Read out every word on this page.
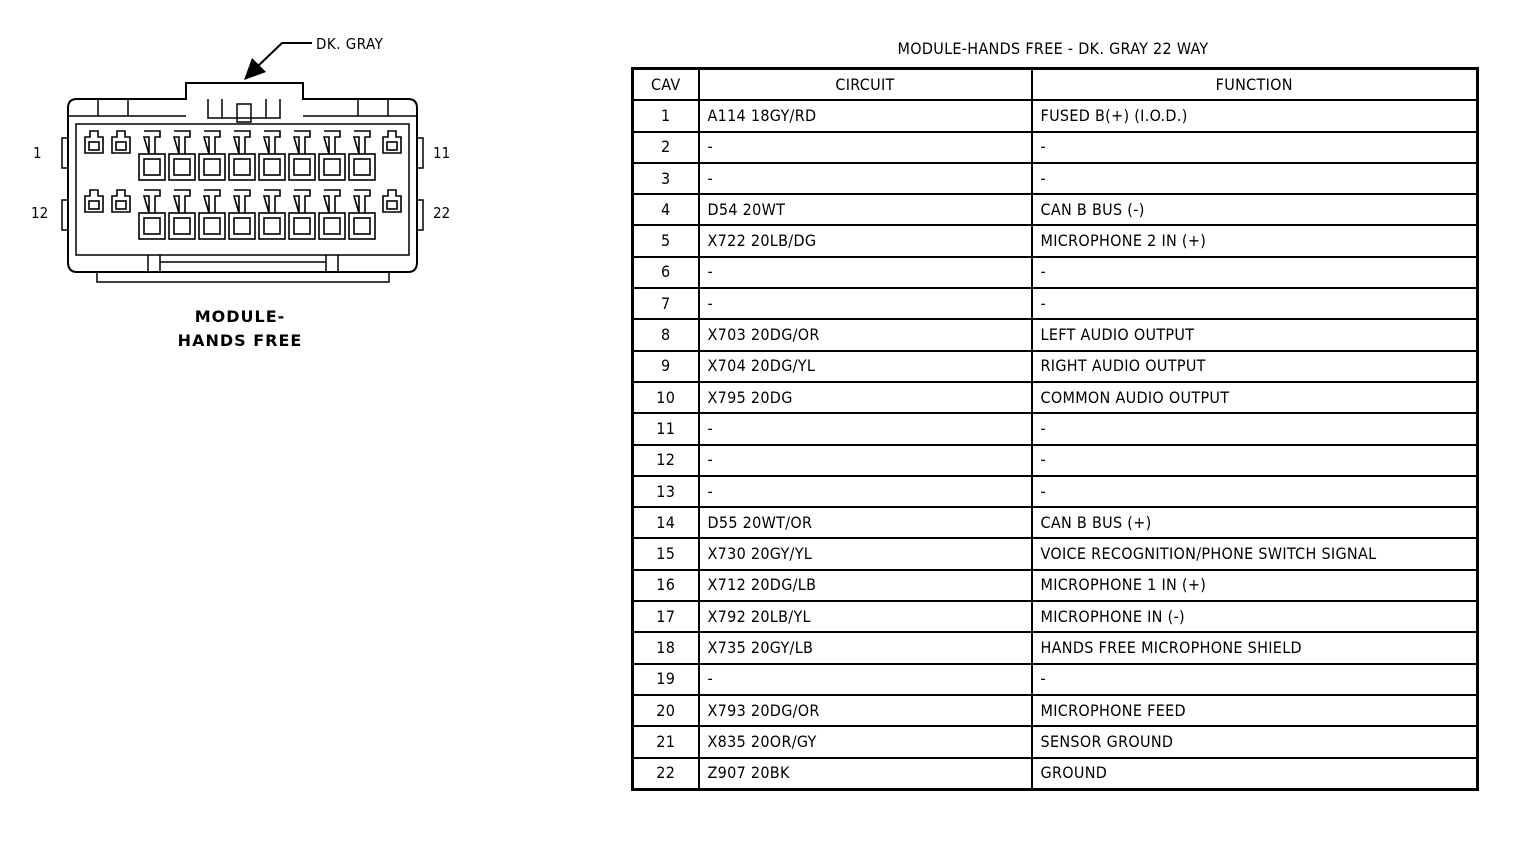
DK. GRAY
1	11
12	22
MODULE-
HANDS FREE
MODULE-HANDS FREE - DK. GRAY 22 WAY
CAV	CIRCUIT	FUNCTION
1	A114 18GY/RD	FUSED B(+) (I.O.D.)
2	-	-
3	-	-
4	D54 20WT	CAN B BUS (-)
5	X722 20LB/DG	MICROPHONE 2 IN (+)
6	-	-
7	-	-
8	X703 20DG/OR	LEFT AUDIO OUTPUT
9	X704 20DG/YL	RIGHT AUDIO OUTPUT
10	X795 20DG	COMMON AUDIO OUTPUT
11	-	-
12	-	-
13	-	-
14	D55 20WT/OR	CAN B BUS (+)
15	X730 20GY/YL	VOICE RECOGNITION/PHONE SWITCH SIGNAL
16	X712 20DG/LB	MICROPHONE 1 IN (+)
17	X792 20LB/YL	MICROPHONE IN (-)
18	X735 20GY/LB	HANDS FREE MICROPHONE SHIELD
19	-	-
20	X793 20DG/OR	MICROPHONE FEED
21	X835 20OR/GY	SENSOR GROUND
22	Z907 20BK	GROUND
